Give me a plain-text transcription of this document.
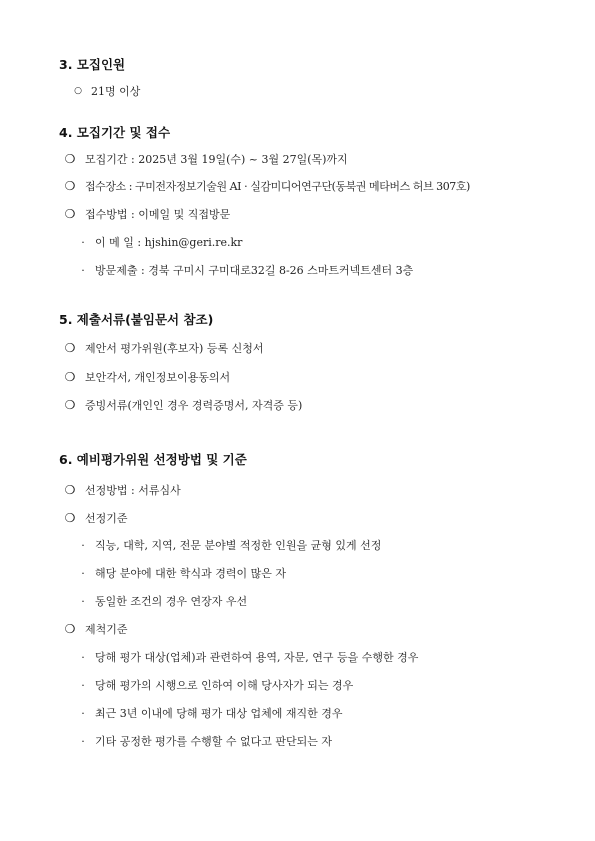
3. 모집인원
○ 21명 이상
4. 모집기간 및 접수
❍ 모집기간 : 2025년 3월 19일(수) ~ 3월 27일(목)까지
❍ 접수장소 : 구미전자정보기술원 AI · 실감미디어연구단(동북권 메타버스 허브 307호)
❍ 접수방법 : 이메일 및 직접방문
· 이 메 일 : hjshin@geri.re.kr
· 방문제출 : 경북 구미시 구미대로32길 8-26 스마트커넥트센터 3층
5. 제출서류(붙임문서 참조)
❍ 제안서 평가위원(후보자) 등록 신청서
❍ 보안각서, 개인정보이용동의서
❍ 증빙서류(개인인 경우 경력증명서, 자격증 등)
6. 예비평가위원 선정방법 및 기준
❍ 선정방법 : 서류심사
❍ 선정기준
· 직능, 대학, 지역, 전문 분야별 적정한 인원을 균형 있게 선정
· 해당 분야에 대한 학식과 경력이 많은 자
· 동일한 조건의 경우 연장자 우선
❍ 제척기준
· 당해 평가 대상(업체)과 관련하여 용역, 자문, 연구 등을 수행한 경우
· 당해 평가의 시행으로 인하여 이해 당사자가 되는 경우
· 최근 3년 이내에 당해 평가 대상 업체에 재직한 경우
· 기타 공정한 평가를 수행할 수 없다고 판단되는 자
